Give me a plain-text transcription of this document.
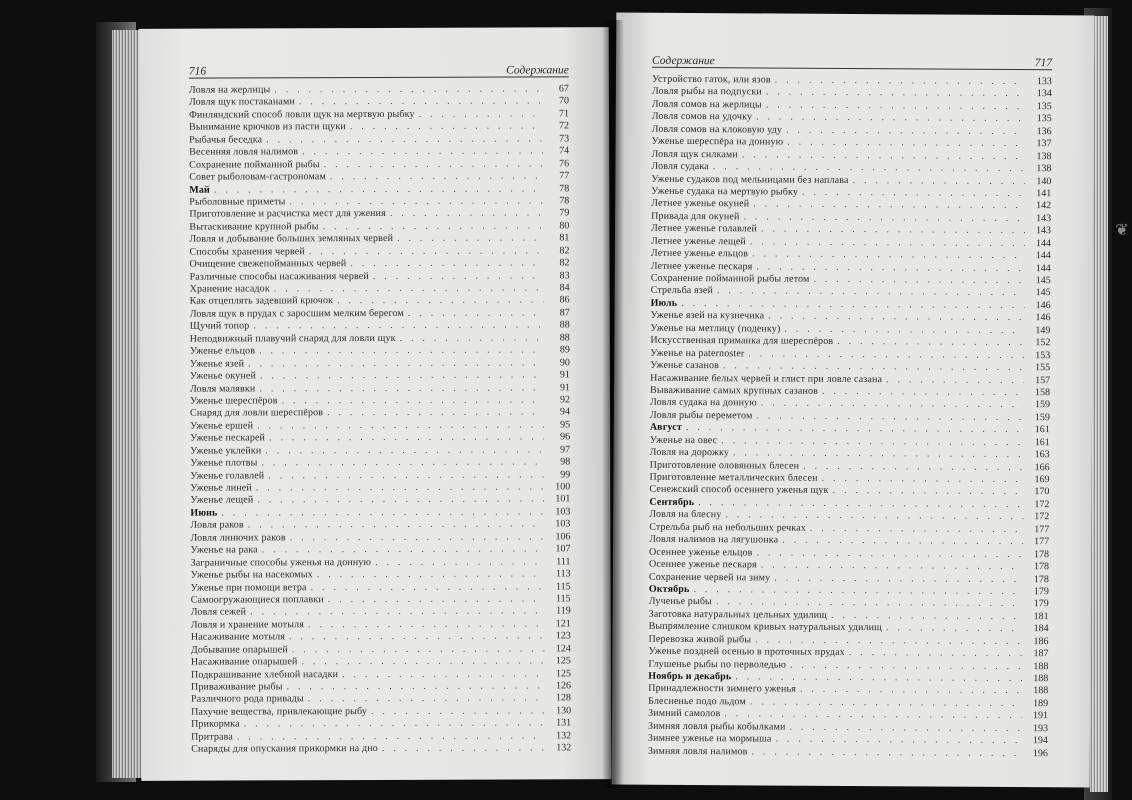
❦
716	Содержание
Ловля на жерлицы . . .	67
Ловля щук постаканами . . .	70
Финляндский способ ловли щук на мертвую рыбку . . .	71
Вынимание крючков из пасти щуки . . .	72
Рыбачья беседка . . .	73
Весенняя ловля налимов . . .	74
Сохранение пойманной рыбы . . .	76
Совет рыболовам-гастрономам . . .	77
Май . . .	78
Рыболовные приметы . . .	78
Приготовление и расчистка мест для ужения . . .	79
Вытаскивание крупной рыбы . . .	80
Ловля и добывание больших земляных червей . . .	81
Способы хранения червей . . .	82
Очищение свежепойманных червей . . .	82
Различные способы насаживания червей . . .	83
Хранение насадок . . .	84
Как отцеплять задевший крючок . . .	86
Ловля щук в прудах с заросшим мелким берегом . . .	87
Щучий топор . . .	88
Неподвижный плавучий снаряд для ловли щук . . .	88
Уженье ельцов . . .	89
Уженье язей . . .	90
Уженье окуней . . .	91
Ловля малявки . . .	91
Уженье шереспёров . . .	92
Снаряд для ловли шереспёров . . .	94
Уженье ершей . . .	95
Уженье пескарей . . .	96
Уженье уклейки . . .	97
Уженье плотвы . . .	98
Уженье голавлей . . .	99
Уженье линей . . .	100
Уженье лещей . . .	101
Июнь . . .	103
Ловля раков . . .	103
Ловля линючих раков . . .	106
Уженье на рака . . .	107
Заграничные способы уженья на донную . . .	111
Уженье рыбы на насекомых . . .	113
Уженье при помощи ветра . . .	115
Самоогружающиеся поплавки . . .	115
Ловля сежей . . .	119
Ловля и хранение мотыля . . .	121
Насаживание мотыля . . .	123
Добывание опарышей . . .	124
Насаживание опарышей . . .	125
Подкрашивание хлебной насадки . . .	125
Приваживание рыбы . . .	126
Различного рода привады . . .	128
Пахучие вещества, привлекающие рыбу . . .	130
Прикормка . . .	131
Притрава . . .	132
Снаряды для опускания прикормки на дно . . .	132
Содержание	717
Устройство гаток, или язов . . .	133
Ловля рыбы на подпуски . . .	134
Ловля сомов на жерлицы . . .	135
Ловля сомов на удочку . . .	135
Ловля сомов на клоковую уду . . .	136
Уженье шереспёра на донную . . .	137
Ловля щук силками . . .	138
Ловля судака . . .	138
Уженье судаков под мельницами без наплава . . .	140
Уженье судака на мертвую рыбку . . .	141
Летнее уженье окуней . . .	142
Привада для окуней . . .	143
Летнее уженье голавлей . . .	143
Летнее уженье лещей . . .	144
Летнее уженье ельцов . . .	144
Летнее уженье пескаря . . .	144
Сохранение пойманной рыбы летом . . .	145
Стрельба язей . . .	145
Июль . . .	146
Уженье язей на кузнечика . . .	146
Уженье на метлицу (поденку) . . .	149
Искусственная приманка для шереспёров . . .	152
Уженье на paternoster . . .	153
Уженье сазанов . . .	155
Насаживание белых червей и глист при ловле сазана . . .	157
Вываживание самых крупных сазанов . . .	158
Ловля судака на донную . . .	159
Ловля рыбы переметом . . .	159
Август . . .	161
Уженье на овес . . .	161
Ловля на дорожку . . .	163
Приготовление оловянных блесен . . .	166
Приготовление металлических блесен . . .	169
Сенежский способ осеннего уженья щук . . .	170
Сентябрь . . .	172
Ловля на блесну . . .	172
Стрельба рыб на небольших речках . . .	177
Ловля налимов на лягушонка . . .	177
Осеннее уженье ельцов . . .	178
Осеннее уженье пескаря . . .	178
Сохранение червей на зиму . . .	178
Октябрь . . .	179
Лученье рыбы . . .	179
Заготовка натуральных цельных удилищ . . .	181
Выпрямление слишком кривых натуральных удилищ . . .	184
Перевозка живой рыбы . . .	186
Уженье поздней осенью в проточных прудах . . .	187
Глушенье рыбы по перволедью . . .	188
Ноябрь и декабрь . . .	188
Принадлежности зимнего уженья . . .	188
Блесненье подо льдом . . .	189
Зимний самолов . . .	191
Зимняя ловля рыбы кобылками . . .	193
Зимнее уженье на мормыша . . .	194
Зимняя ловля налимов . . .	196
